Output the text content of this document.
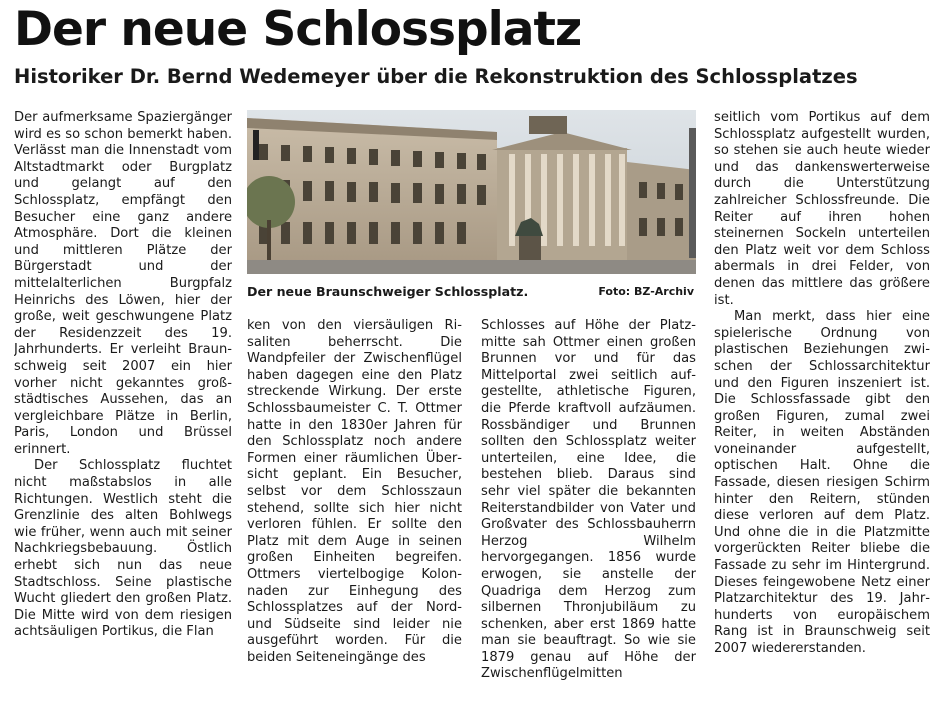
Der neue Schlossplatz
Historiker Dr. Bernd Wedemeyer über die Rekonstruktion des Schlossplatzes

Der aufmerksame Spaziergänger wird es so schon bemerkt haben. Verlässt man die Innenstadt vom Altstadtmarkt oder Burgplatz und gelangt auf den Schlossplatz, empfängt den Besucher eine ganz andere Atmosphäre. Dort die kleinen und mittleren Plätze der Bürgerstadt und der mittelalterlichen Burgpfalz Heinrichs des Löwen, hier der große, weit geschwungene Platz der Residenzzeit des 19. Jahrhunderts. Er verleiht Braunschweig seit 2007 ein hier vorher nicht gekanntes großstädtisches Aussehen, das an vergleichbare Plätze in Berlin, Paris, London und Brüssel erinnert.

Der Schlossplatz fluchtet nicht maßstabslos in alle Richtungen. Westlich steht die Grenzlinie des alten Bohlwegs wie früher, wenn auch mit seiner Nachkriegsbebauung. Östlich erhebt sich nun das neue Stadtschloss. Seine plastische Wucht gliedert den großen Platz. Die Mitte wird von dem riesigen achtsäuligen Portikus, die Flan

Der neue Braunschweiger Schlossplatz.	Foto: BZ-Archiv

ken von den viersäuligen Risaliten beherrscht. Die Wandpfeiler der Zwischenflügel haben dagegen eine den Platz streckende Wirkung. Der erste Schlossbaumeister C. T. Ottmer hatte in den 1830er Jahren für den Schlossplatz noch andere Formen einer räumlichen Übersicht geplant. Ein Besucher, selbst vor dem Schlosszaun stehend, sollte sich hier nicht verloren fühlen. Er sollte den Platz mit dem Auge in seinen großen Einheiten begreifen. Ottmers viertelbogige Kolonnaden zur Einhegung des Schlossplatzes auf der Nord- und Südseite sind leider nie ausgeführt worden. Für die beiden Seiteneingänge des

Schlosses auf Höhe der Platzmitte sah Ottmer einen großen Brunnen vor und für das Mittelportal zwei seitlich aufgestellte, athletische Figuren, die Pferde kraftvoll aufzäumen. Rossbändiger und Brunnen sollten den Schlossplatz weiter unterteilen, eine Idee, die bestehen blieb. Daraus sind sehr viel später die bekannten Reiterstandbilder von Vater und Großvater des Schlossbauherrn Herzog Wilhelm hervorgegangen. 1856 wurde erwogen, sie anstelle der Quadriga dem Herzog zum silbernen Thronjubiläum zu schenken, aber erst 1869 hatte man sie beauftragt. So wie sie 1879 genau auf Höhe der Zwischenflügelmitten

seitlich vom Portikus auf dem Schlossplatz aufgestellt wurden, so stehen sie auch heute wieder und das dankenswerterweise durch die Unterstützung zahlreicher Schlossfreunde. Die Reiter auf ihren hohen steinernen Sockeln unterteilen den Platz weit vor dem Schloss abermals in drei Felder, von denen das mittlere das größere ist.

Man merkt, dass hier eine spielerische Ordnung von plastischen Beziehungen zwischen der Schlossarchitektur und den Figuren inszeniert ist. Die Schlossfassade gibt den großen Figuren, zumal zwei Reiter, in weiten Abständen voneinander aufgestellt, optischen Halt. Ohne die Fassade, diesen riesigen Schirm hinter den Reitern, stünden diese verloren auf dem Platz. Und ohne die in die Platzmitte vorgerückten Reiter bliebe die Fassade zu sehr im Hintergrund. Dieses feingewobene Netz einer Platzarchitektur des 19. Jahrhunderts von europäischem Rang ist in Braunschweig seit 2007 wiedererstanden.
